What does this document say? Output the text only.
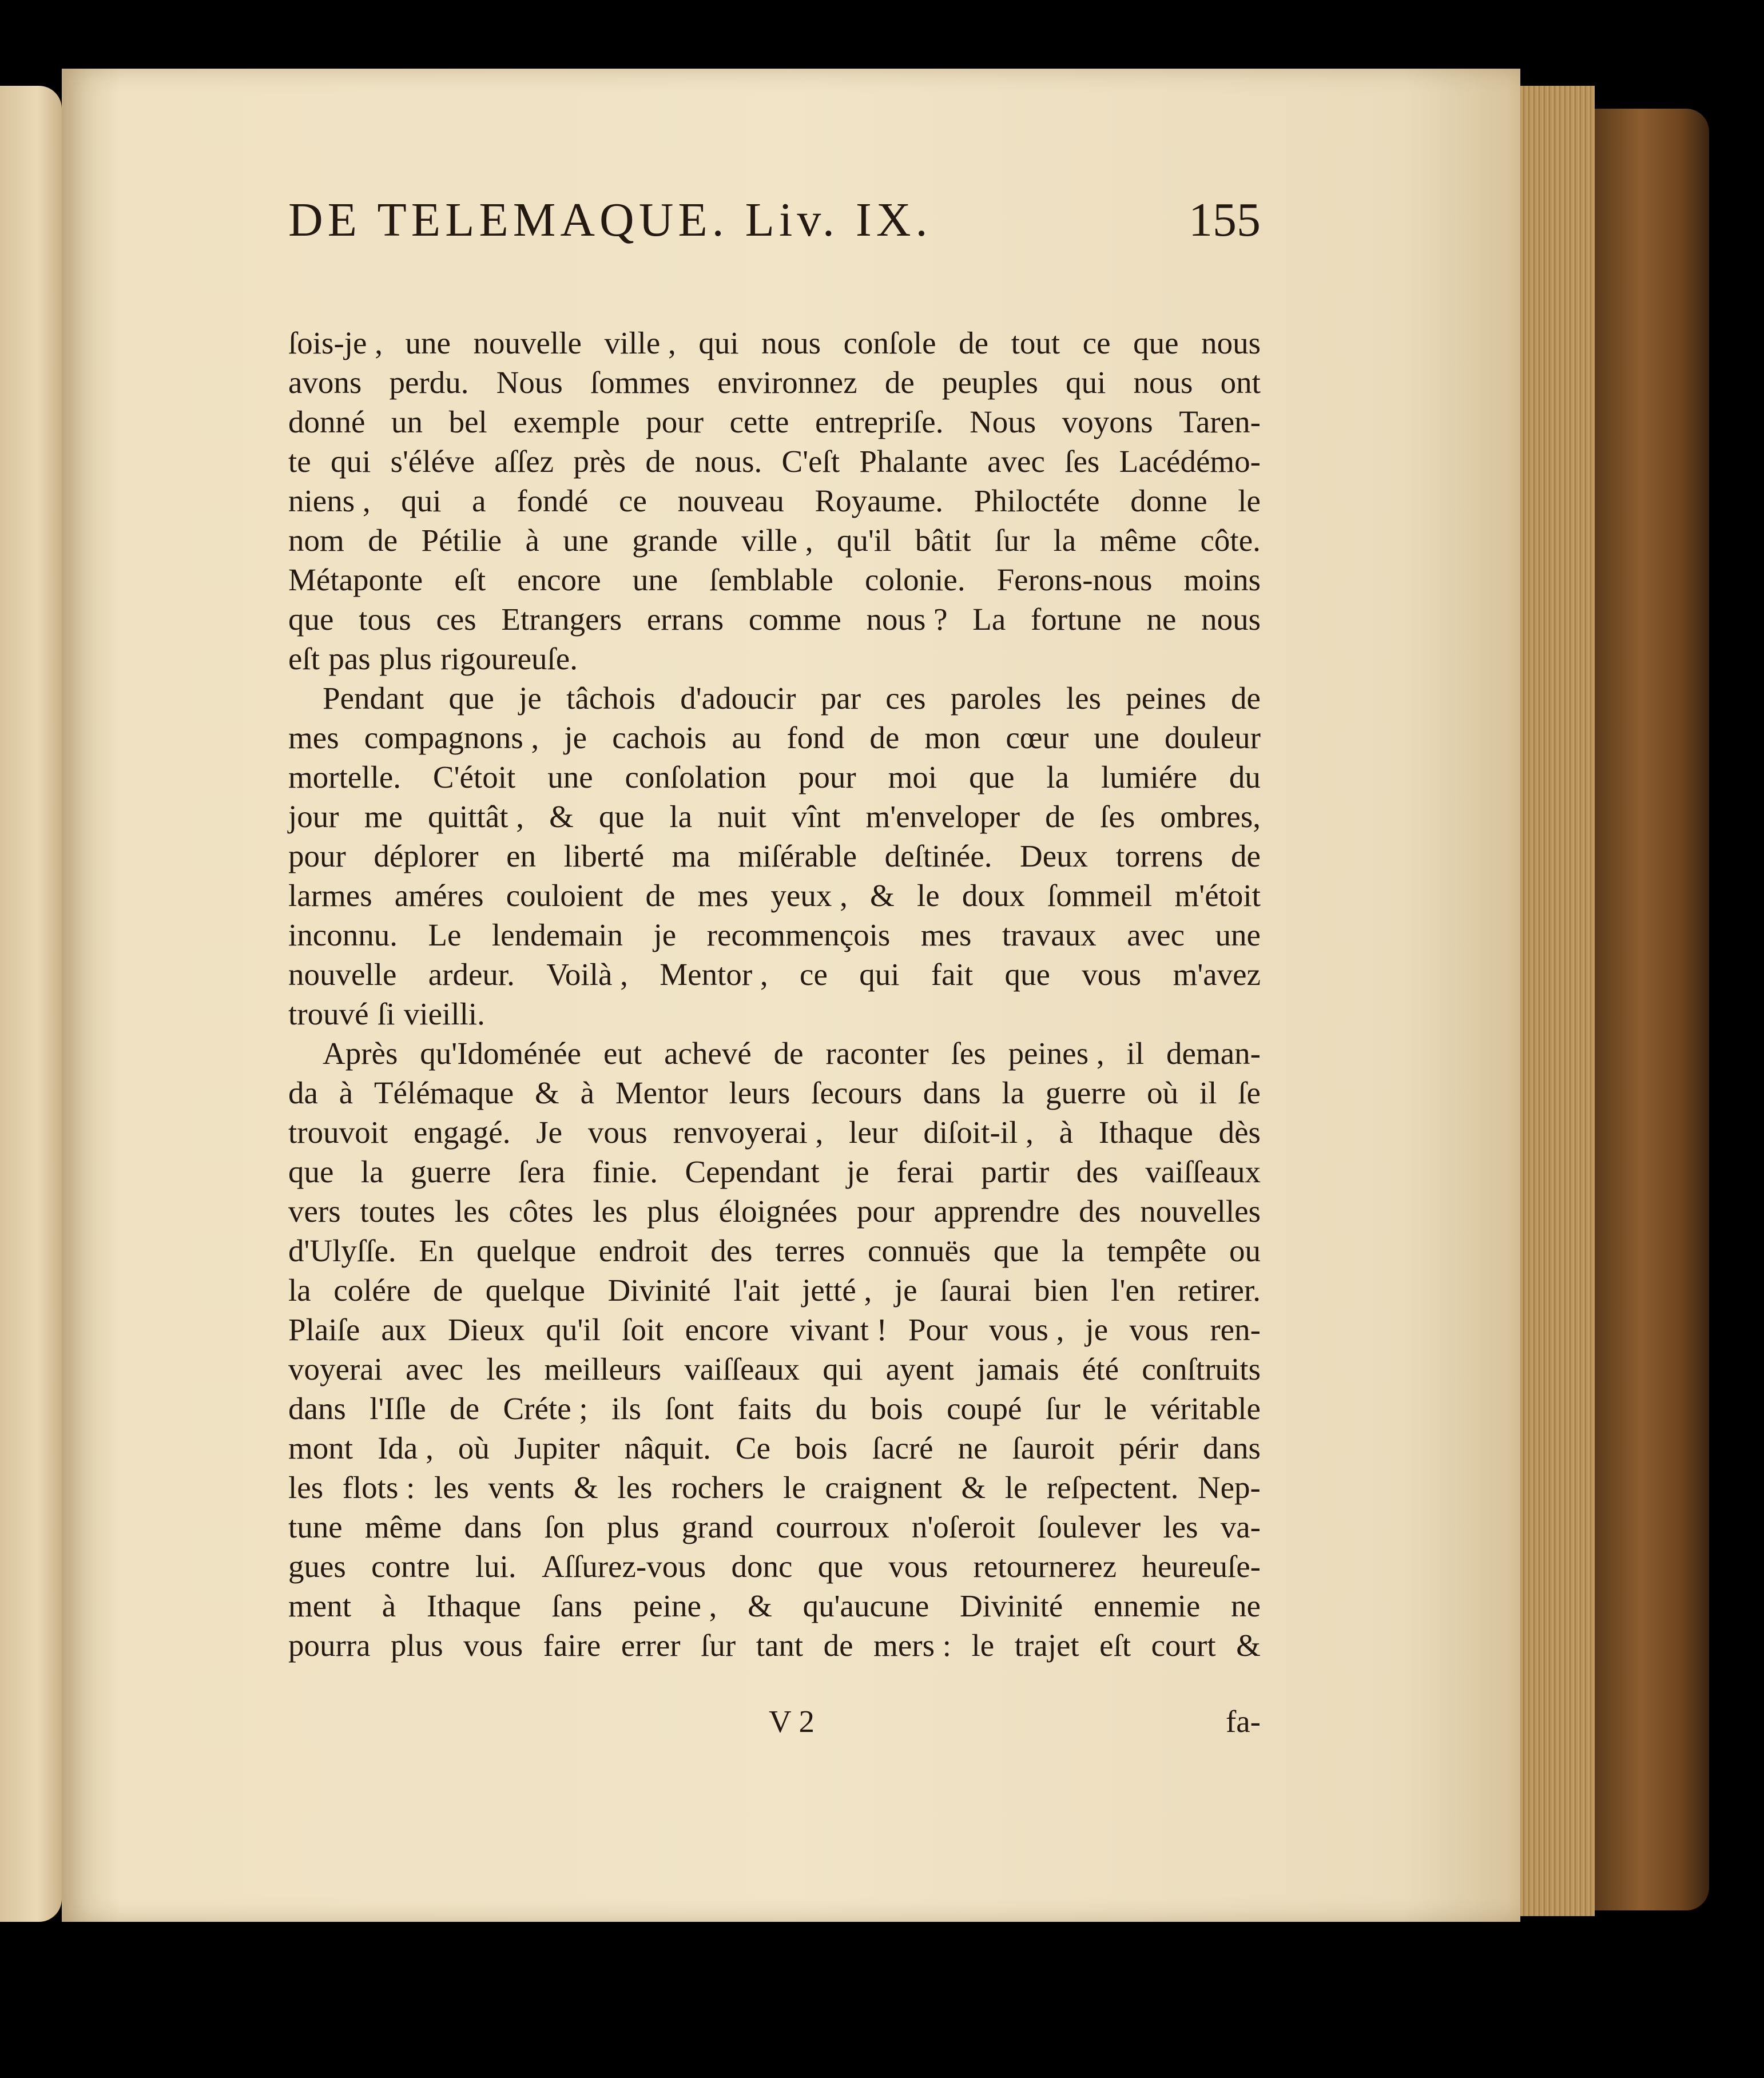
DE TELEMAQUE. Liv. IX.	155
ſois-je , une nouvelle ville , qui nous conſole de tout ce que nous
avons perdu. Nous ſommes environnez de peuples qui nous ont
donné un bel exemple pour cette entrepriſe. Nous voyons Taren-
te qui s'éléve aſſez près de nous. C'eſt Phalante avec ſes Lacédémo-
niens , qui a fondé ce nouveau Royaume. Philoctéte donne le
nom de Pétilie à une grande ville , qu'il bâtit ſur la même côte.
Métaponte eſt encore une ſemblable colonie. Ferons-nous moins
que tous ces Etrangers errans comme nous ? La fortune ne nous
eſt pas plus rigoureuſe.
Pendant que je tâchois d'adoucir par ces paroles les peines de
mes compagnons , je cachois au fond de mon cœur une douleur
mortelle. C'étoit une conſolation pour moi que la lumiére du
jour me quittât , & que la nuit vînt m'enveloper de ſes ombres,
pour déplorer en liberté ma miſérable deſtinée. Deux torrens de
larmes améres couloient de mes yeux , & le doux ſommeil m'étoit
inconnu. Le lendemain je recommençois mes travaux avec une
nouvelle ardeur. Voilà , Mentor , ce qui fait que vous m'avez
trouvé ſi vieilli.
Après qu'Idoménée eut achevé de raconter ſes peines , il deman-
da à Télémaque & à Mentor leurs ſecours dans la guerre où il ſe
trouvoit engagé. Je vous renvoyerai , leur diſoit-il , à Ithaque dès
que la guerre ſera finie. Cependant je ferai partir des vaiſſeaux
vers toutes les côtes les plus éloignées pour apprendre des nouvelles
d'Ulyſſe. En quelque endroit des terres connuës que la tempête ou
la colére de quelque Divinité l'ait jetté , je ſaurai bien l'en retirer.
Plaiſe aux Dieux qu'il ſoit encore vivant ! Pour vous , je vous ren-
voyerai avec les meilleurs vaiſſeaux qui ayent jamais été conſtruits
dans l'Iſle de Créte ; ils ſont faits du bois coupé ſur le véritable
mont Ida , où Jupiter nâquit. Ce bois ſacré ne ſauroit périr dans
les flots : les vents & les rochers le craignent & le reſpectent. Nep-
tune même dans ſon plus grand courroux n'oſeroit ſoulever les va-
gues contre lui. Aſſurez-vous donc que vous retournerez heureuſe-
ment à Ithaque ſans peine , & qu'aucune Divinité ennemie ne
pourra plus vous faire errer ſur tant de mers : le trajet eſt court &
V 2	fa-
